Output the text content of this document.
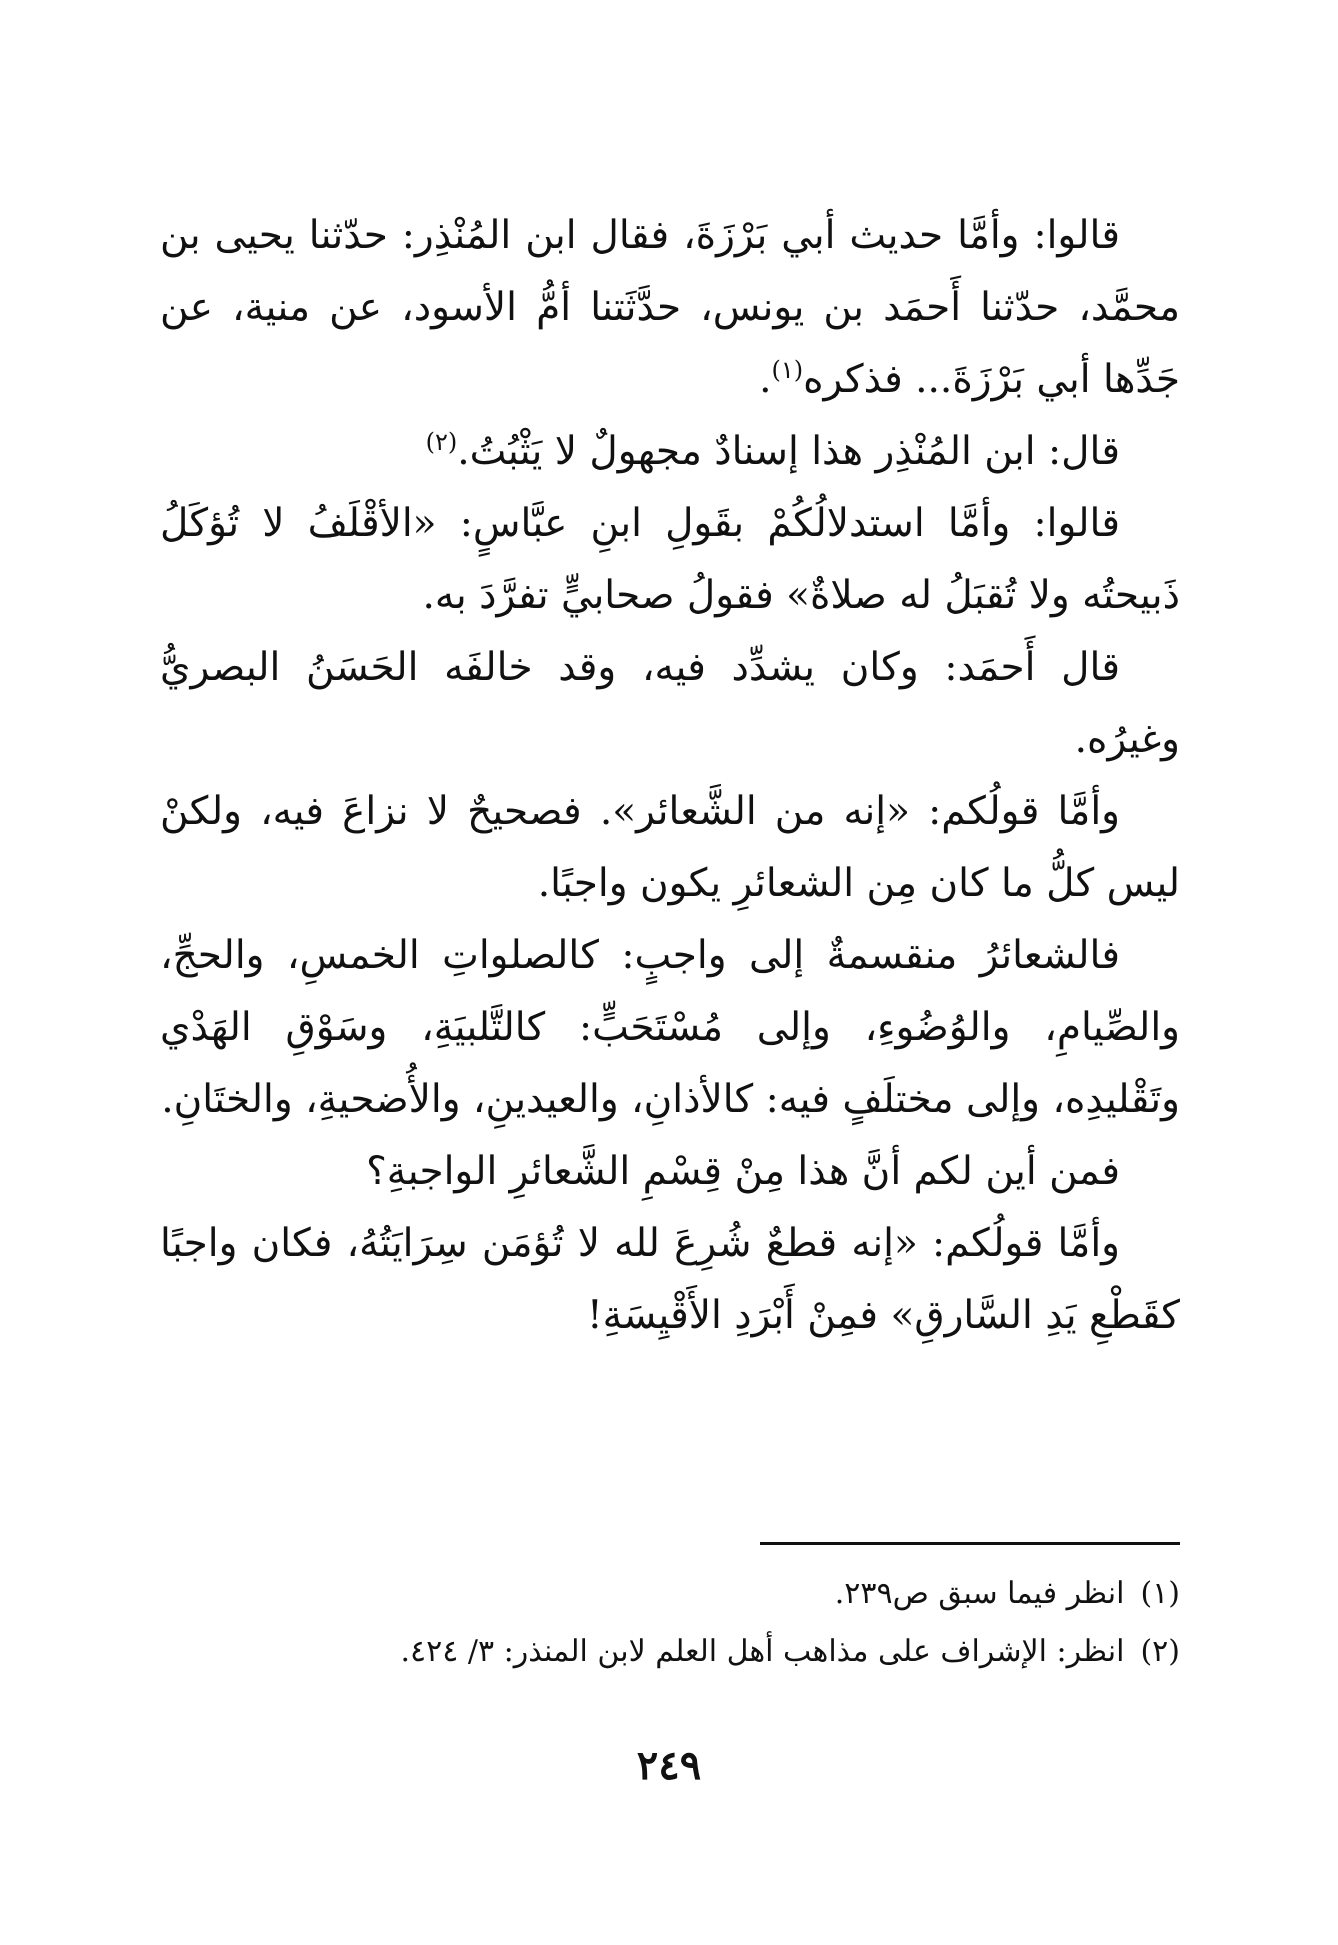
قالوا: وأمَّا حديث أبي بَرْزَةَ، فقال ابن المُنْذِر: حدّثنا يحيى بن محمَّد، حدّثنا أَحمَد بن يونس، حدَّثَتنا أمُّ الأسود، عن منية، عن جَدِّها أبي بَرْزَةَ... فذكره$^{(١)}$.

قال: ابن المُنْذِر هذا إسنادٌ مجهولٌ لا يَثْبُتُ.$^{(٢)}$

قالوا: وأمَّا استدلالُكُمْ بقَولِ ابنِ عبَّاسٍ: «الأقْلَفُ لا تُؤكَلُ ذَبيحتُه ولا تُقبَلُ له صلاةٌ» فقولُ صحابيٍّ تفرَّدَ به.

قال أَحمَد: وكان يشدِّد فيه، وقد خالفَه الحَسَنُ البصريُّ وغيرُه.

وأمَّا قولُكم: «إنه من الشَّعائر». فصحيحٌ لا نزاعَ فيه، ولكنْ ليس كلُّ ما كان مِن الشعائرِ يكون واجبًا.

فالشعائرُ منقسمةٌ إلى واجبٍ: كالصلواتِ الخمسِ، والحجِّ، والصِّيامِ، والوُضُوءِ، وإلى مُسْتَحَبٍّ: كالتَّلبيَةِ، وسَوْقِ الهَدْي وتَقْليدِه، وإلى مختلَفٍ فيه: كالأذانِ، والعيدينِ، والأُضحيةِ، والختَانِ.

فمن أين لكم أنَّ هذا مِنْ قِسْمِ الشَّعائرِ الواجبةِ؟

وأمَّا قولُكم: «إنه قطعٌ شُرِعَ لله لا تُؤمَن سِرَايَتُهُ، فكان واجبًا كقَطْعِ يَدِ السَّارقِ» فمِنْ أَبْرَدِ الأَقْيِسَةِ!

(١)انظر فيما سبق ص٢٣٩.

(٢)انظر: الإشراف على مذاهب أهل العلم لابن المنذر: ٣/ ٤٢٤.

٢٤٩
